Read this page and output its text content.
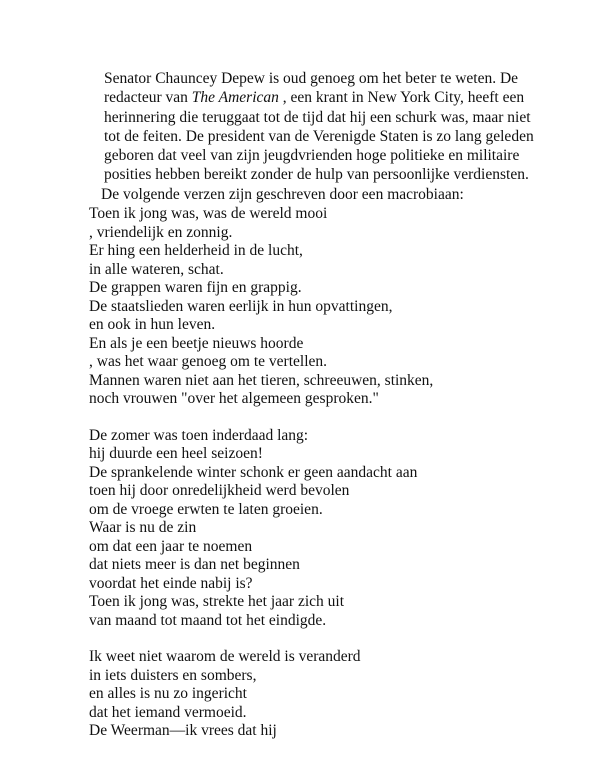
Senator Chauncey Depew is oud genoeg om het beter te weten. De
redacteur van The American , een krant in New York City, heeft een
herinnering die teruggaat tot de tijd dat hij een schurk was, maar niet
tot de feiten. De president van de Verenigde Staten is zo lang geleden
geboren dat veel van zijn jeugdvrienden hoge politieke en militaire
posities hebben bereikt zonder de hulp van persoonlijke verdiensten.
De volgende verzen zijn geschreven door een macrobiaan:
Toen ik jong was, was de wereld mooi
, vriendelijk en zonnig.
Er hing een helderheid in de lucht,
in alle wateren, schat.
De grappen waren fijn en grappig.
De staatslieden waren eerlijk in hun opvattingen,
en ook in hun leven.
En als je een beetje nieuws hoorde
, was het waar genoeg om te vertellen.
Mannen waren niet aan het tieren, schreeuwen, stinken,
noch vrouwen "over het algemeen gesproken."
De zomer was toen inderdaad lang:
hij duurde een heel seizoen!
De sprankelende winter schonk er geen aandacht aan
toen hij door onredelijkheid werd bevolen
om de vroege erwten te laten groeien.
Waar is nu de zin
om dat een jaar te noemen
dat niets meer is dan net beginnen
voordat het einde nabij is?
Toen ik jong was, strekte het jaar zich uit
van maand tot maand tot het eindigde.
Ik weet niet waarom de wereld is veranderd
in iets duisters en sombers,
en alles is nu zo ingericht
dat het iemand vermoeid.
De Weerman—ik vrees dat hij
